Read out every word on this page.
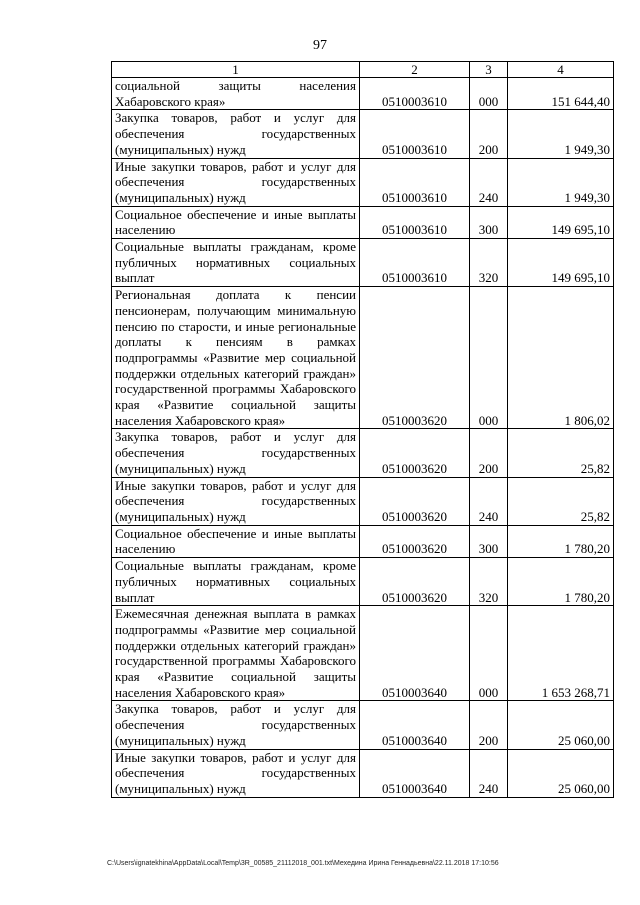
97
1	2	3	4
социальной защиты населения Хабаровского края»	0510003610	000	151 644,40
Закупка товаров, работ и услуг для обеспечения государственных (муниципальных) нужд	0510003610	200	1 949,30
Иные закупки товаров, работ и услуг для обеспечения государственных (муниципальных) нужд	0510003610	240	1 949,30
Социальное обеспечение и иные выплаты населению	0510003610	300	149 695,10
Социальные выплаты гражданам, кроме публичных нормативных социальных выплат	0510003610	320	149 695,10
Региональная доплата к пенсии пенсионерам, получающим минимальную пенсию по старости, и иные региональные доплаты к пенсиям в рамках подпрограммы «Развитие мер социальной поддержки отдельных категорий граждан» государственной программы Хабаровского края «Развитие социальной защиты населения Хабаровского края»	0510003620	000	1 806,02
Закупка товаров, работ и услуг для обеспечения государственных (муниципальных) нужд	0510003620	200	25,82
Иные закупки товаров, работ и услуг для обеспечения государственных (муниципальных) нужд	0510003620	240	25,82
Социальное обеспечение и иные выплаты населению	0510003620	300	1 780,20
Социальные выплаты гражданам, кроме публичных нормативных социальных выплат	0510003620	320	1 780,20
Ежемесячная денежная выплата в рамках подпрограммы «Развитие мер социальной поддержки отдельных категорий граждан» государственной программы Хабаровского края «Развитие социальной защиты населения Хабаровского края»	0510003640	000	1 653 268,71
Закупка товаров, работ и услуг для обеспечения государственных (муниципальных) нужд	0510003640	200	25 060,00
Иные закупки товаров, работ и услуг для обеспечения государственных (муниципальных) нужд	0510003640	240	25 060,00
C:\Users\ignatekhina\AppData\Local\Temp\3R_00585_21112018_001.txt\Мехедина Ирина Геннадьевна\22.11.2018 17:10:56
